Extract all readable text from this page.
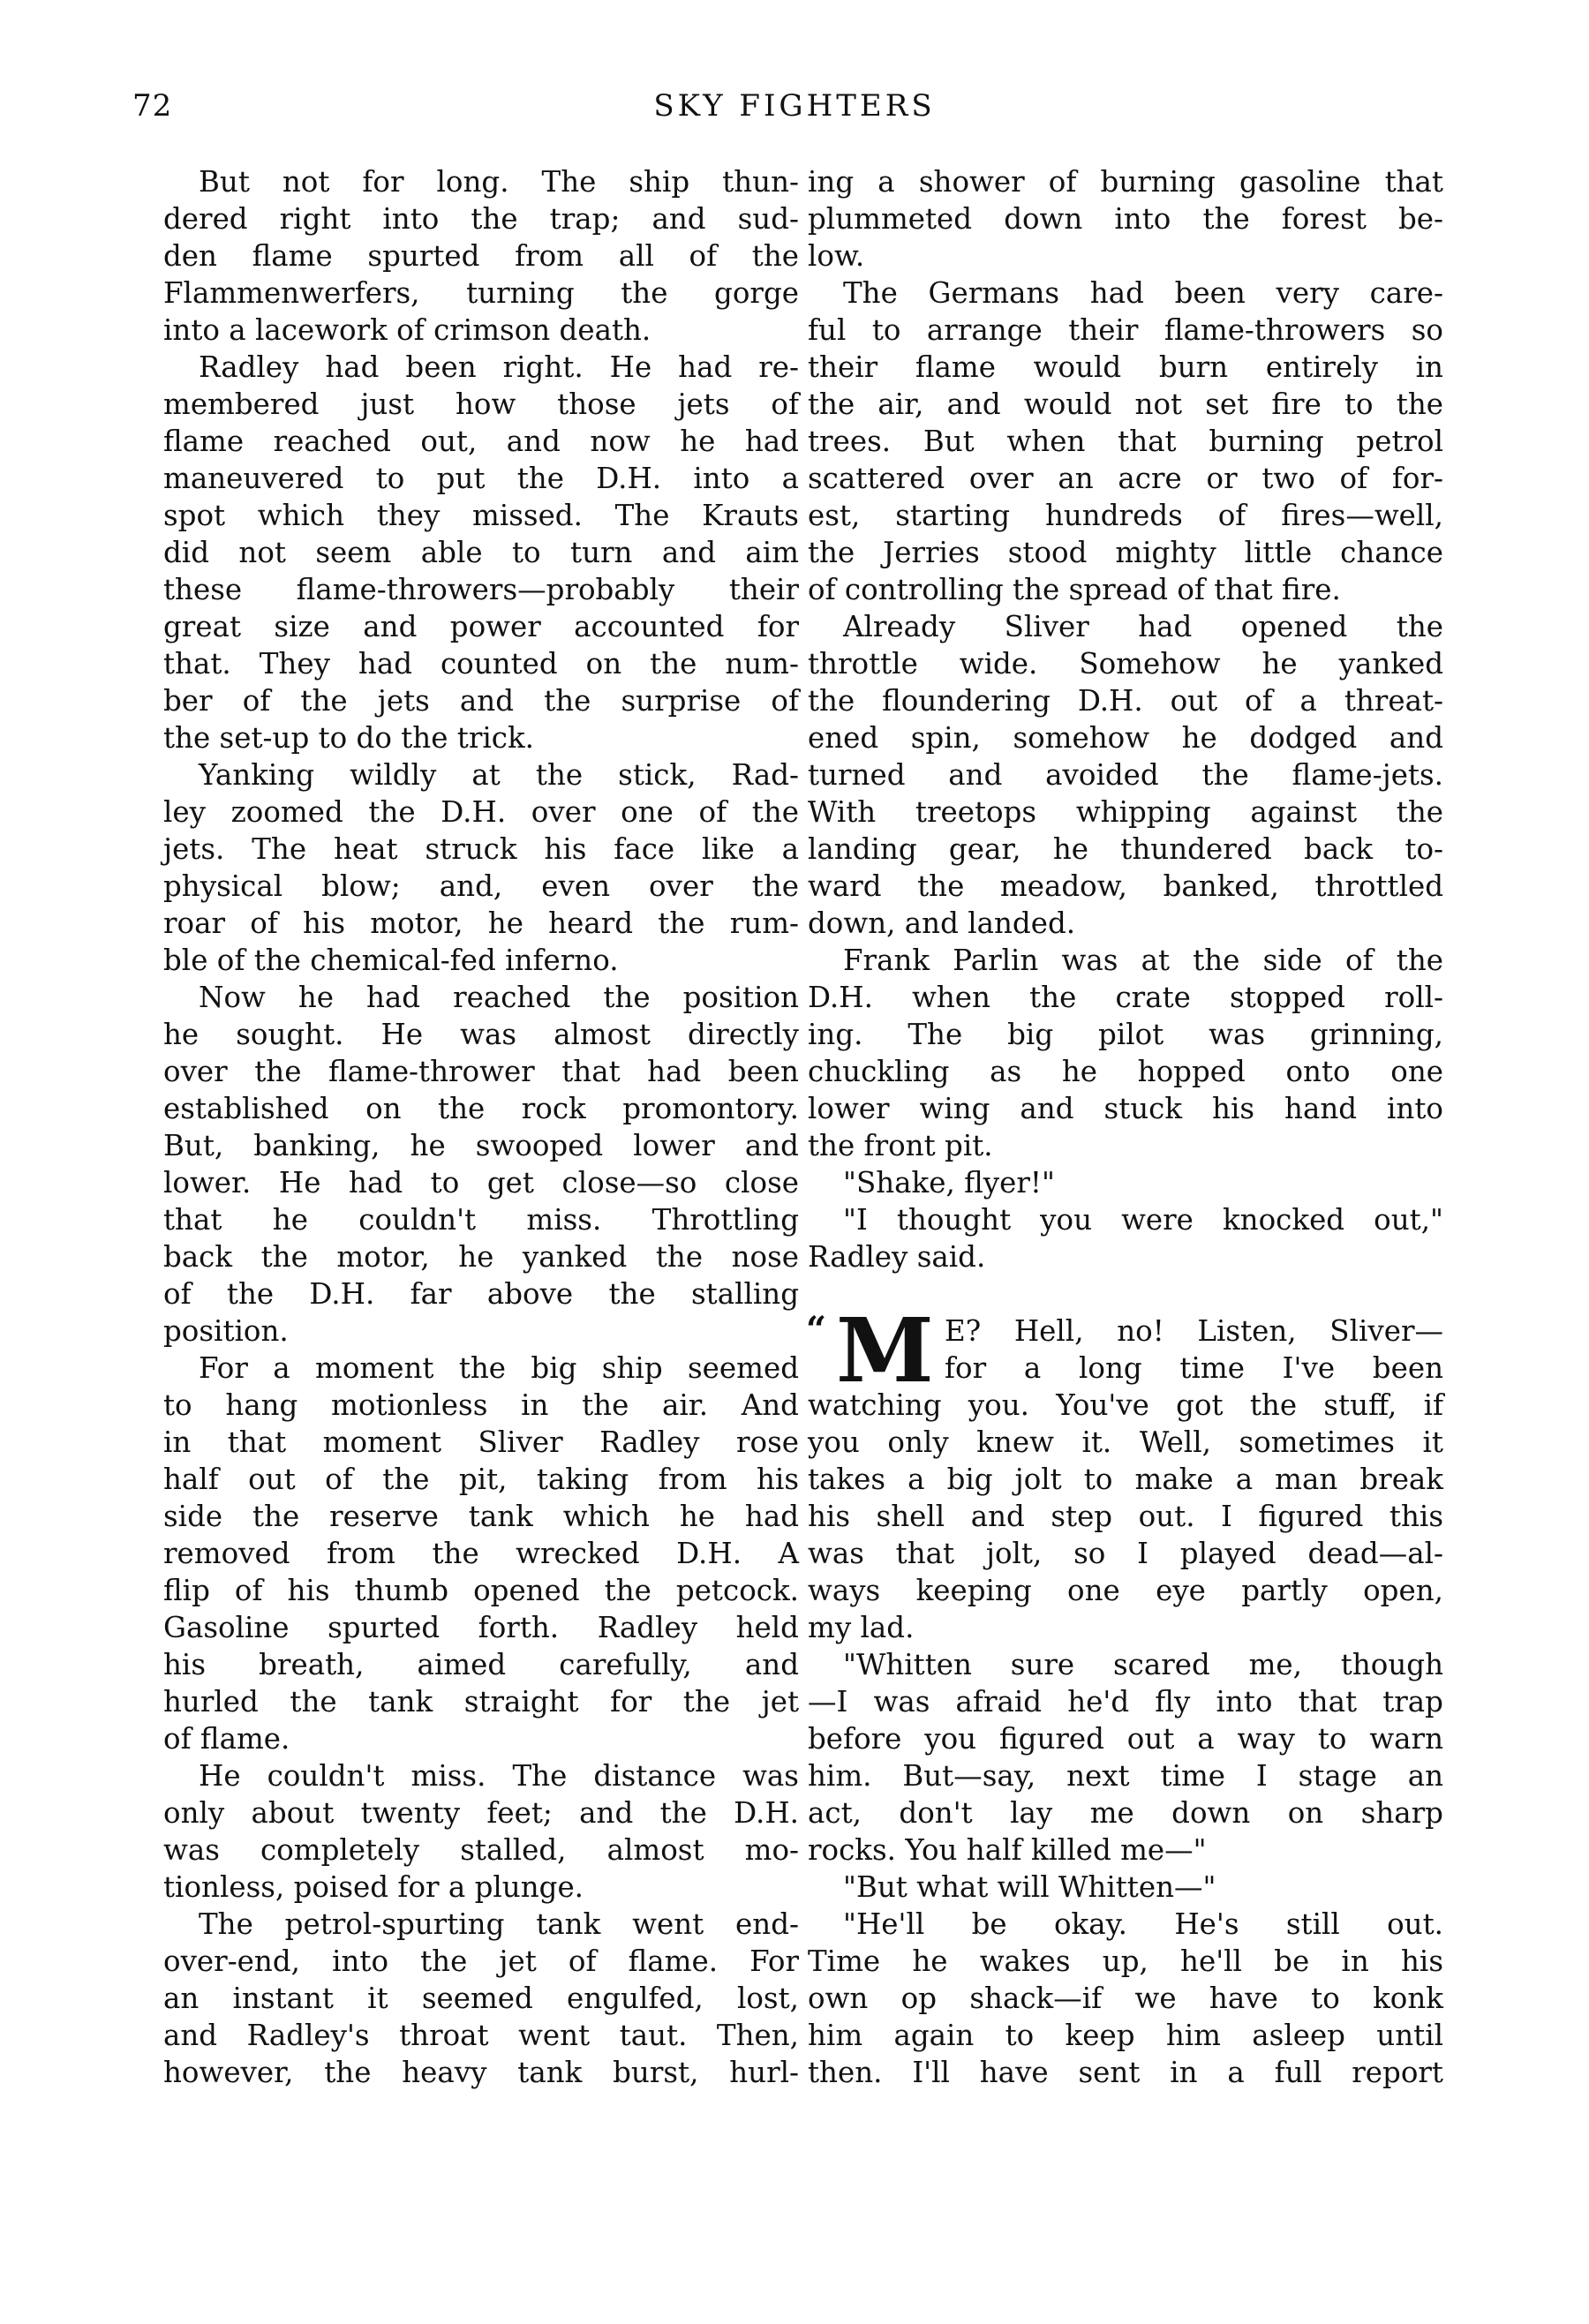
72	SKY FIGHTERS
But not for long. The ship thun-
dered right into the trap; and sud-
den flame spurted from all of the
Flammenwerfers, turning the gorge
into a lacework of crimson death.
Radley had been right. He had re-
membered just how those jets of
flame reached out, and now he had
maneuvered to put the D.H. into a
spot which they missed. The Krauts
did not seem able to turn and aim
these flame-throwers—probably their
great size and power accounted for
that. They had counted on the num-
ber of the jets and the surprise of
the set-up to do the trick.
Yanking wildly at the stick, Rad-
ley zoomed the D.H. over one of the
jets. The heat struck his face like a
physical blow; and, even over the
roar of his motor, he heard the rum-
ble of the chemical-fed inferno.
Now he had reached the position
he sought. He was almost directly
over the flame-thrower that had been
established on the rock promontory.
But, banking, he swooped lower and
lower. He had to get close—so close
that he couldn't miss. Throttling
back the motor, he yanked the nose
of the D.H. far above the stalling
position.
For a moment the big ship seemed
to hang motionless in the air. And
in that moment Sliver Radley rose
half out of the pit, taking from his
side the reserve tank which he had
removed from the wrecked D.H. A
flip of his thumb opened the petcock.
Gasoline spurted forth. Radley held
his breath, aimed carefully, and
hurled the tank straight for the jet
of flame.
He couldn't miss. The distance was
only about twenty feet; and the D.H.
was completely stalled, almost mo-
tionless, poised for a plunge.
The petrol-spurting tank went end-
over-end, into the jet of flame. For
an instant it seemed engulfed, lost,
and Radley's throat went taut. Then,
however, the heavy tank burst, hurl-
ing a shower of burning gasoline that
plummeted down into the forest be-
low.
The Germans had been very care-
ful to arrange their flame-throwers so
their flame would burn entirely in
the air, and would not set fire to the
trees. But when that burning petrol
scattered over an acre or two of for-
est, starting hundreds of fires—well,
the Jerries stood mighty little chance
of controlling the spread of that fire.
Already Sliver had opened the
throttle wide. Somehow he yanked
the floundering D.H. out of a threat-
ened spin, somehow he dodged and
turned and avoided the flame-jets.
With treetops whipping against the
landing gear, he thundered back to-
ward the meadow, banked, throttled
down, and landed.
Frank Parlin was at the side of the
D.H. when the crate stopped roll-
ing. The big pilot was grinning,
chuckling as he hopped onto one
lower wing and stuck his hand into
the front pit.
"Shake, flyer!"
"I thought you were knocked out,"
Radley said.
“ M E? Hell, no! Listen, Sliver—
for a long time I've been
watching you. You've got the stuff, if
you only knew it. Well, sometimes it
takes a big jolt to make a man break
his shell and step out. I figured this
was that jolt, so I played dead—al-
ways keeping one eye partly open,
my lad.
"Whitten sure scared me, though
—I was afraid he'd fly into that trap
before you figured out a way to warn
him. But—say, next time I stage an
act, don't lay me down on sharp
rocks. You half killed me—"
"But what will Whitten—"
"He'll be okay. He's still out.
Time he wakes up, he'll be in his
own op shack—if we have to konk
him again to keep him asleep until
then. I'll have sent in a full report
